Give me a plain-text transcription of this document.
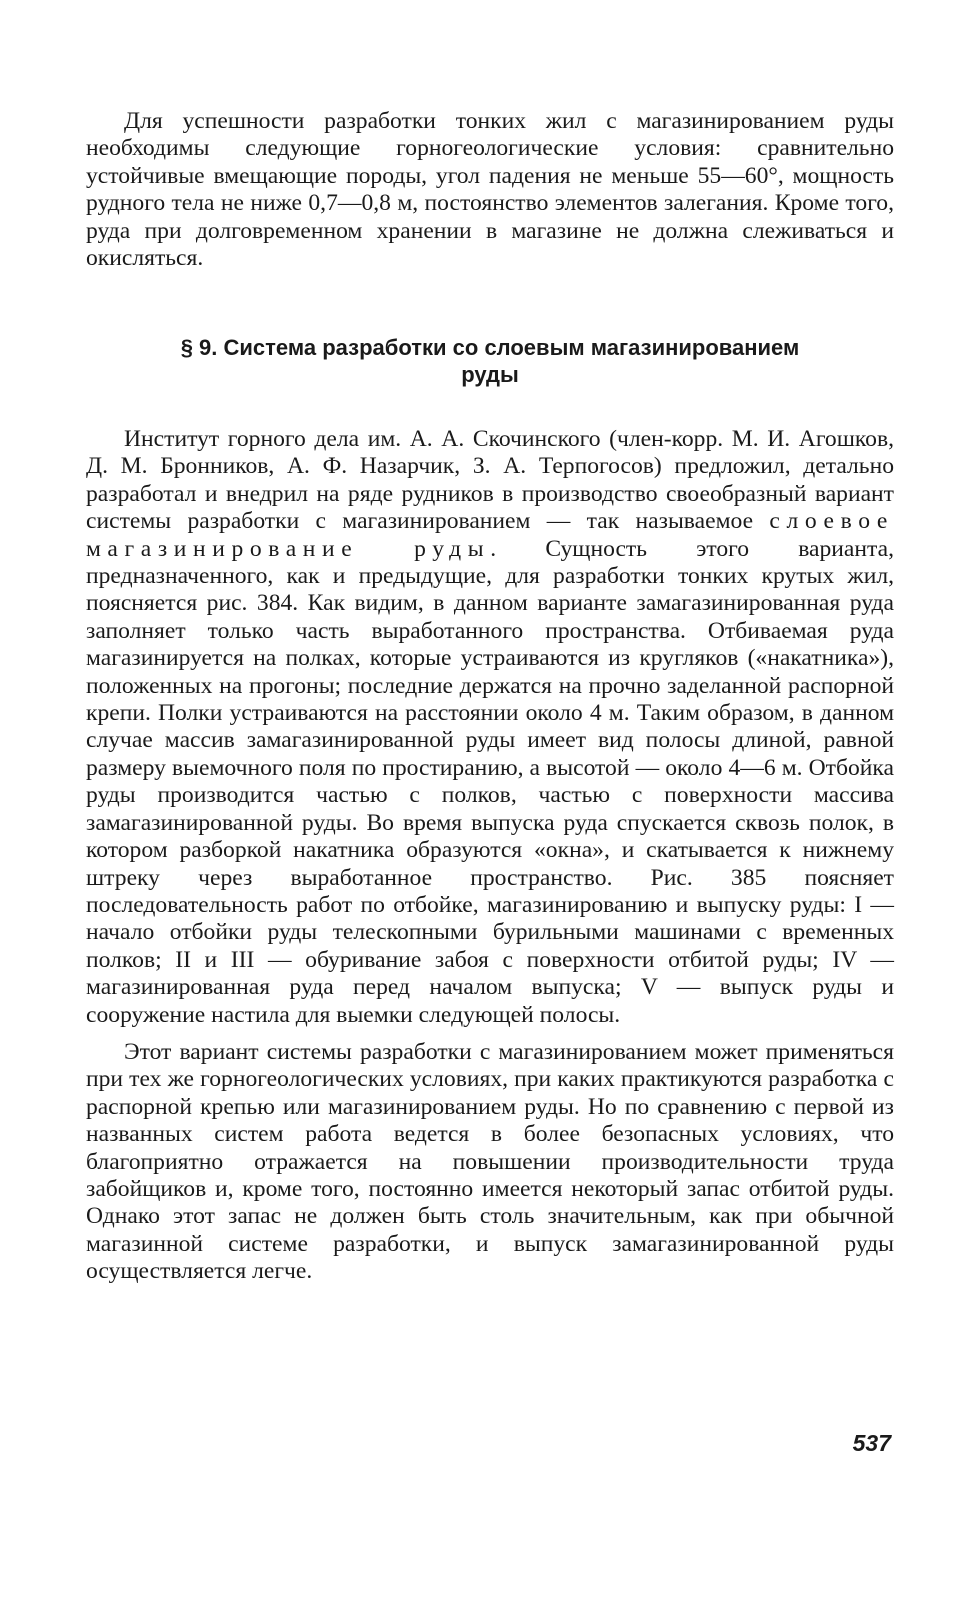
Для успешности разработки тонких жил с магазинированием руды необходимы следующие горногеологические условия: сравнительно устойчивые вмещающие породы, угол падения не меньше 55—60°, мощность рудного тела не ниже 0,7—0,8 м, постоянство элементов залегания. Кроме того, руда при долговременном хранении в магазине не должна слеживаться и окисляться.

§ 9. Система разработки со слоевым магазинированием
руды

Институт горного дела им. А. А. Скочинского (член-корр. М. И. Агошков, Д. М. Бронников, А. Ф. Назарчик, З. А. Терпогосов) предложил, детально разработал и внедрил на ряде рудников в производство своеобразный вариант системы разработки с магазинированием — так называемое слоевое магазинирование руды. Сущность этого варианта, предназначенного, как и предыдущие, для разработки тонких крутых жил, поясняется рис. 384. Как видим, в данном варианте замагазинированная руда заполняет только часть выработанного пространства. Отбиваемая руда магазинируется на полках, которые устраиваются из кругляков («накатника»), положенных на прогоны; последние держатся на прочно заделанной распорной крепи. Полки устраиваются на расстоянии около 4 м. Таким образом, в данном случае массив замагазинированной руды имеет вид полосы длиной, равной размеру выемочного поля по простиранию, а высотой — около 4—6 м. Отбойка руды производится частью с полков, частью с поверхности массива замагазинированной руды. Во время выпуска руда спускается сквозь полок, в котором разборкой накатника образуются «окна», и скатывается к нижнему штреку через выработанное пространство. Рис. 385 поясняет последовательность работ по отбойке, магазинированию и выпуску руды: I — начало отбойки руды телескопными бурильными машинами с временных полков; II и III — обуривание забоя с поверхности отбитой руды; IV — магазинированная руда перед началом выпуска; V — выпуск руды и сооружение настила для выемки следующей полосы.

Этот вариант системы разработки с магазинированием может применяться при тех же горногеологических условиях, при каких практикуются разработка с распорной крепью или магазинированием руды. Но по сравнению с первой из названных систем работа ведется в более безопасных условиях, что благоприятно отражается на повышении производительности труда забойщиков и, кроме того, постоянно имеется некоторый запас отбитой руды. Однако этот запас не должен быть столь значительным, как при обычной магазинной системе разработки, и выпуск замагазинированной руды осуществляется легче.

537
